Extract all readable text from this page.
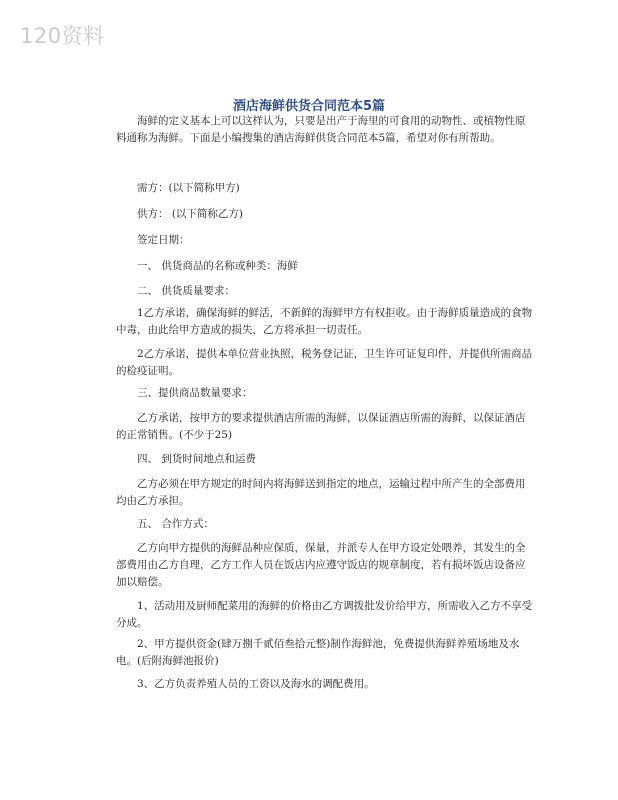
120资料
酒店海鲜供货合同范本5篇
海鲜的定义基本上可以这样认为，只要是出产于海里的可食用的动物性、或植物性原料通称为海鲜。下面是小编搜集的酒店海鲜供货合同范本5篇，希望对你有所帮助。
需方：(以下简称甲方)
供方： (以下简称乙方)
签定日期：
一、 供货商品的名称或种类：海鲜
二、 供货质量要求：
1乙方承诺，确保海鲜的鲜活，不新鲜的海鲜甲方有权拒收。由于海鲜质量造成的食物中毒，由此给甲方造成的损失，乙方将承担一切责任。
2乙方承诺，提供本单位营业执照，税务登记证，卫生许可证复印件，并提供所需商品的检疫证明。
三、提供商品数量要求：
乙方承诺，按甲方的要求提供酒店所需的海鲜，以保证酒店所需的海鲜，以保证酒店的正常销售。(不少于25)
四、 到货时间地点和运费
乙方必须在甲方规定的时间内将海鲜送到指定的地点，运输过程中所产生的全部费用均由乙方承担。
五、 合作方式：
乙方向甲方提供的海鲜品种应保质，保量，并派专人在甲方设定处喂养，其发生的全部费用由乙方自理，乙方工作人员在饭店内应遵守饭店的规章制度，若有损坏饭店设备应加以赔偿。
1、活动用及厨师配菜用的海鲜的价格由乙方调拨批发价给甲方，所需收入乙方不享受分成。
2、甲方提供资金(肆万捌千贰佰叁拾元整)制作海鲜池，免费提供海鲜养殖场地及水电。(后附海鲜池报价)
3、乙方负责养殖人员的工资以及海水的调配费用。
